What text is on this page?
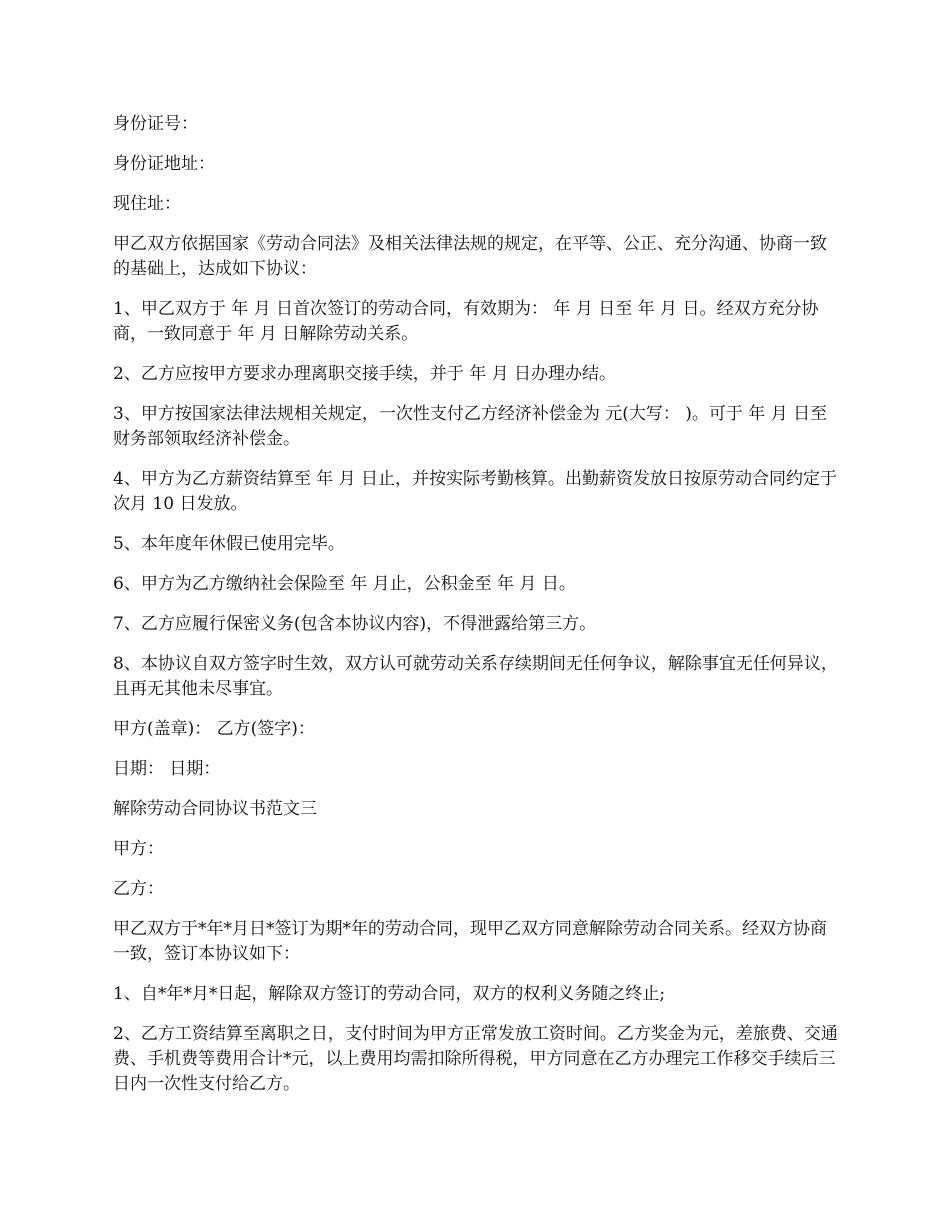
身份证号：

身份证地址：

现住址：

甲乙双方依据国家《劳动合同法》及相关法律法规的规定，在平等、公正、充分沟通、协商一致的基础上，达成如下协议：

1、甲乙双方于 年 月 日首次签订的劳动合同，有效期为： 年 月 日至 年 月 日。经双方充分协商，一致同意于 年 月 日解除劳动关系。

2、乙方应按甲方要求办理离职交接手续，并于 年 月 日办理办结。

3、甲方按国家法律法规相关规定，一次性支付乙方经济补偿金为 元(大写： )。可于 年 月 日至财务部领取经济补偿金。

4、甲方为乙方薪资结算至 年 月 日止，并按实际考勤核算。出勤薪资发放日按原劳动合同约定于次月 10 日发放。

5、本年度年休假已使用完毕。

6、甲方为乙方缴纳社会保险至 年 月止，公积金至 年 月 日。

7、乙方应履行保密义务(包含本协议内容)，不得泄露给第三方。

8、本协议自双方签字时生效，双方认可就劳动关系存续期间无任何争议，解除事宜无任何异议，且再无其他未尽事宜。

甲方(盖章)： 乙方(签字)：

日期： 日期：

解除劳动合同协议书范文三

甲方：

乙方：

甲乙双方于*年*月日*签订为期*年的劳动合同，现甲乙双方同意解除劳动合同关系。经双方协商一致，签订本协议如下：

1、自*年*月*日起，解除双方签订的劳动合同，双方的权利义务随之终止;

2、乙方工资结算至离职之日，支付时间为甲方正常发放工资时间。乙方奖金为元，差旅费、交通费、手机费等费用合计*元，以上费用均需扣除所得税，甲方同意在乙方办理完工作移交手续后三日内一次性支付给乙方。
